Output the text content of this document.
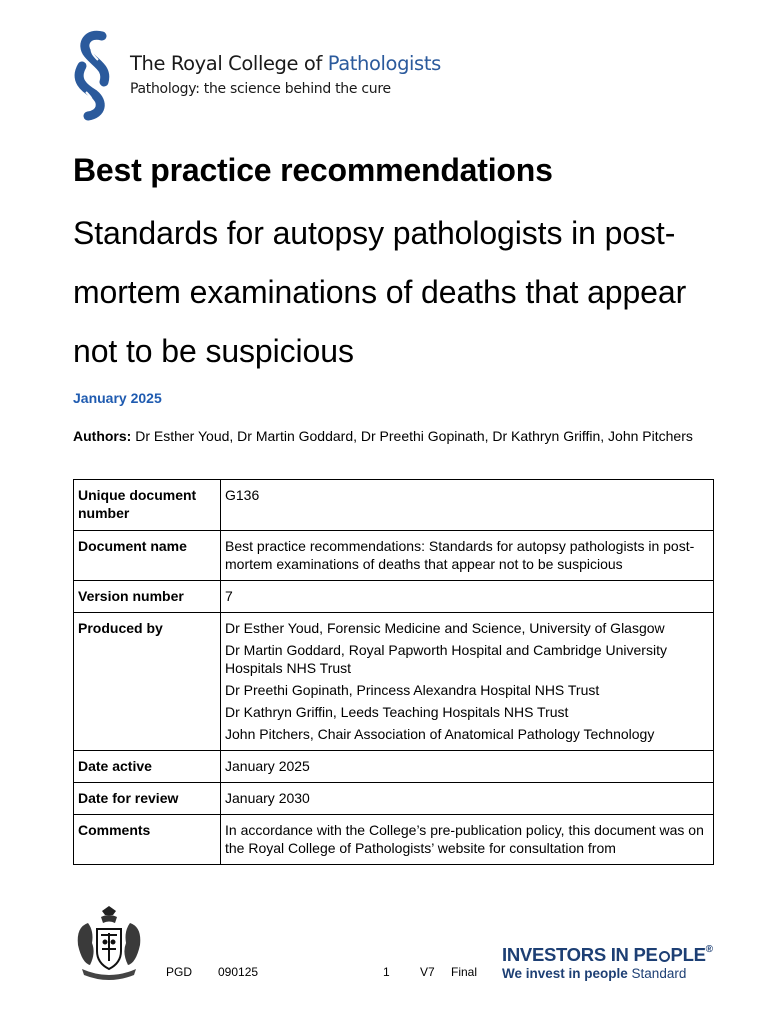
The Royal College of Pathologists
Pathology: the science behind the cure
Best practice recommendations
Standards for autopsy pathologists in post-mortem examinations of deaths that appear not to be suspicious
January 2025
Authors: Dr Esther Youd, Dr Martin Goddard, Dr Preethi Gopinath, Dr Kathryn Griffin, John Pitchers
Unique document number	G136
Document name	Best practice recommendations: Standards for autopsy pathologists in post-mortem examinations of deaths that appear not to be suspicious
Version number	7
Produced by	Dr Esther Youd, Forensic Medicine and Science, University of Glasgow
Dr Martin Goddard, Royal Papworth Hospital and Cambridge University Hospitals NHS Trust
Dr Preethi Gopinath, Princess Alexandra Hospital NHS Trust
Dr Kathryn Griffin, Leeds Teaching Hospitals NHS Trust
John Pitchers, Chair Association of Anatomical Pathology Technology

Date active	January 2025
Date for review	January 2030
Comments	In accordance with the College’s pre-publication policy, this document was on the Royal College of Pathologists’ website for consultation from
PGD 090125	1	V7 Final
INVESTORS IN PE PLE®
We invest in people Standard
